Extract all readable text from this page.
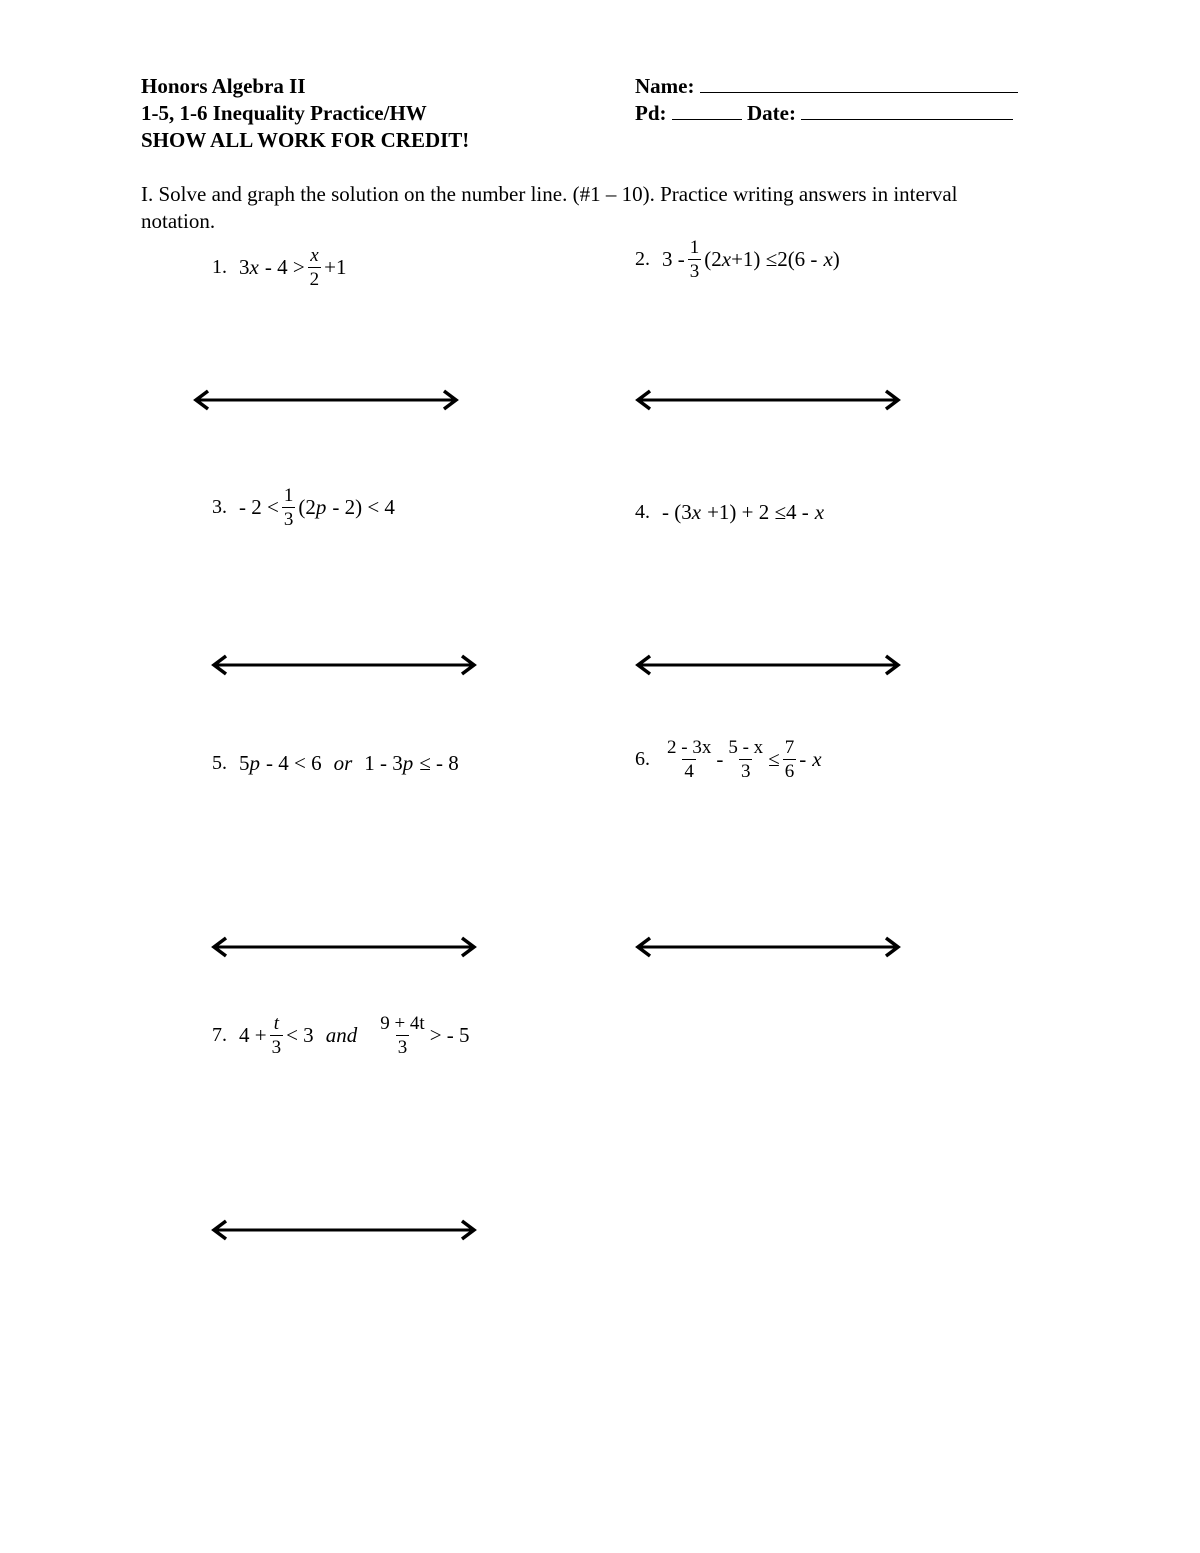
Honors Algebra II
1-5, 1-6 Inequality Practice/HW
SHOW ALL WORK FOR CREDIT!
Name:
Pd:	Date:
I. Solve and graph the solution on the number line. (#1 – 10). Practice writing answers in interval
notation.
1. 3 $x - 4 > \frac{x}{2} +1$	2. $3 - \frac{1}{3} (2$ x +1) ≤2(6 - x )
3. - $2 < \frac{1}{3} (2$ p - 2) < 4	4. - (3 x +1) + 2 ≤4 - x
5. 5 p - 4 < 6 or 1 - 3 p ≤ - 8	6. $\frac{2 - 3x}{4} - \frac{5 - x}{3} \le \frac{7}{6} - x$
7. $4 + \frac{t}{3} < 3$ and $\frac{9 + 4t}{3}$ > - 5
